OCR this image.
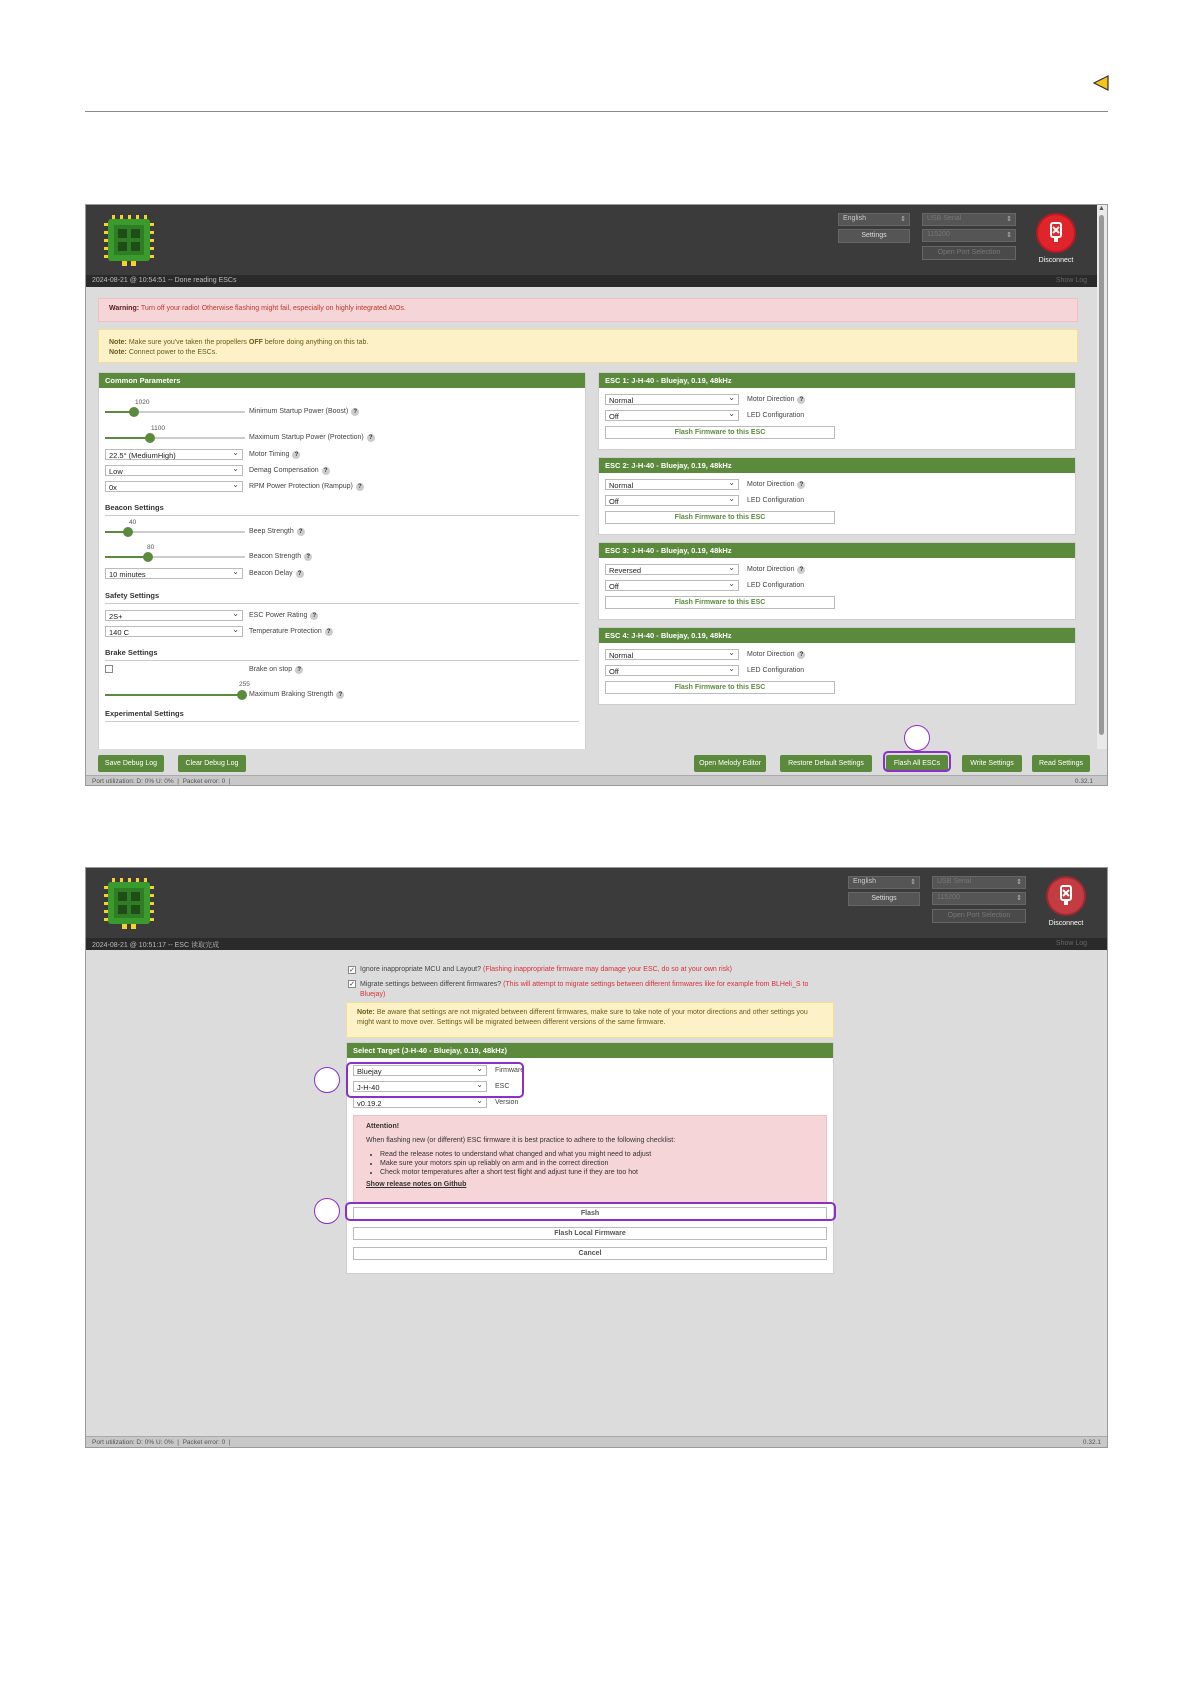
English ⇕
Settings
USB Serial ⇕
115200 ⇕
Open Port Selection
Disconnect
2024-08-21 @ 10:54:51 -- Done reading ESCs	Show Log
Warning: Turn off your radio! Otherwise flashing might fail, especially on highly integrated AIOs.
Note: Make sure you've taken the propellers OFF before doing anything on this tab.
Note: Connect power to the ESCs.
Common Parameters
1020
Minimum Startup Power (Boost) ?
1100
Maximum Startup Power (Protection) ?
22.5° (MediumHigh) ⌄	Motor Timing ?
Low ⌄	Demag Compensation ?
0x ⌄	RPM Power Protection (Rampup) ?
Beacon Settings
40
Beep Strength ?
80
Beacon Strength ?
10 minutes ⌄	Beacon Delay ?
Safety Settings
2S+ ⌄	ESC Power Rating ?
140 C ⌄	Temperature Protection ?
Brake Settings
Brake on stop ?
255
Maximum Braking Strength ?
Experimental Settings
ESC 1: J-H-40 - Bluejay, 0.19, 48kHz
Normal ⌄	Motor Direction ?
Off ⌄	LED Configuration
Flash Firmware to this ESC
ESC 2: J-H-40 - Bluejay, 0.19, 48kHz
Normal ⌄	Motor Direction ?
Off ⌄	LED Configuration
Flash Firmware to this ESC
ESC 3: J-H-40 - Bluejay, 0.19, 48kHz
Reversed ⌄	Motor Direction ?
Off ⌄	LED Configuration
Flash Firmware to this ESC
ESC 4: J-H-40 - Bluejay, 0.19, 48kHz
Normal ⌄	Motor Direction ?
Off ⌄	LED Configuration
Flash Firmware to this ESC
▲
Save Debug Log	Clear Debug Log	Open Melody Editor	Restore Default Settings	Flash All ESCs	Write Settings	Read Settings
Port utilization: D: 0% U: 0%  |  Packet error: 0  |	0.32.1
English ⇕
Settings
USB Serial ⇕
115200 ⇕
Open Port Selection
Disconnect
2024-08-21 @ 10:51:17 -- ESC 读取完成	Show Log
✓ Ignore inappropriate MCU and Layout? (Flashing inappropriate firmware may damage your ESC, do so at your own risk)
✓ Migrate settings between different firmwares? (This will attempt to migrate settings between different firmwares like for example from BLHeli_S to Bluejay)
Note: Be aware that settings are not migrated between different firmwares, make sure to take note of your motor directions and other settings you might want to move over. Settings will be migrated between different versions of the same firmware.
Select Target (J-H-40 - Bluejay, 0.19, 48kHz)
Bluejay ⌄	Firmware
J-H-40 ⌄	ESC
v0.19.2 ⌄	Version
Attention!
When flashing new (or different) ESC firmware it is best practice to adhere to the following checklist:
• Read the release notes to understand what changed and what you might need to adjust
• Make sure your motors spin up reliably on arm and in the correct direction
• Check motor temperatures after a short test flight and adjust tune if they are too hot
Show release notes on Github
Flash
Flash Local Firmware
Cancel
Port utilization: D: 0% U: 0%  |  Packet error: 0  |	0.32.1
